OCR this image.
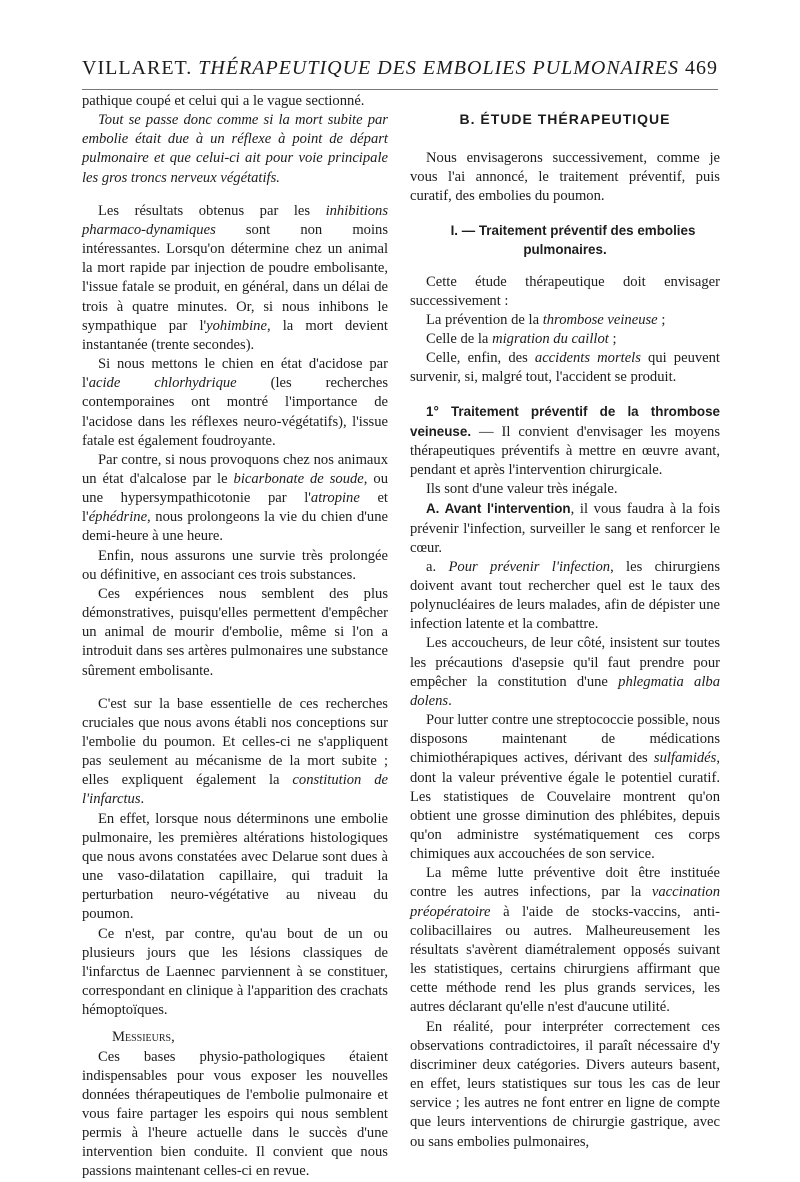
VILLARET. THÉRAPEUTIQUE DES EMBOLIES PULMONAIRES 469

pathique coupé et celui qui a le vague sectionné.

Tout se passe donc comme si la mort subite par embolie était due à un réflexe à point de départ pulmonaire et que celui-ci ait pour voie principale les gros troncs nerveux végétatifs.

Les résultats obtenus par les inhibitions pharmaco-dynamiques sont non moins intéressantes. Lorsqu'on détermine chez un animal la mort rapide par injection de poudre embolisante, l'issue fatale se produit, en général, dans un délai de trois à quatre minutes. Or, si nous inhibons le sympathique par l'yohimbine, la mort devient instantanée (trente secondes).

Si nous mettons le chien en état d'acidose par l'acide chlorhydrique (les recherches contemporaines ont montré l'importance de l'acidose dans les réflexes neuro-végétatifs), l'issue fatale est également foudroyante.

Par contre, si nous provoquons chez nos animaux un état d'alcalose par le bicarbonate de soude, ou une hypersympathicotonie par l'atropine et l'éphédrine, nous prolongeons la vie du chien d'une demi-heure à une heure.

Enfin, nous assurons une survie très prolongée ou définitive, en associant ces trois substances.

Ces expériences nous semblent des plus démonstratives, puisqu'elles permettent d'empêcher un animal de mourir d'embolie, même si l'on a introduit dans ses artères pulmonaires une substance sûrement embolisante.

C'est sur la base essentielle de ces recherches cruciales que nous avons établi nos conceptions sur l'embolie du poumon. Et celles-ci ne s'appliquent pas seulement au mécanisme de la mort subite ; elles expliquent également la constitution de l'infarctus.

En effet, lorsque nous déterminons une embolie pulmonaire, les premières altérations histologiques que nous avons constatées avec Delarue sont dues à une vaso-dilatation capillaire, qui traduit la perturbation neuro-végétative au niveau du poumon.

Ce n'est, par contre, qu'au bout de un ou plusieurs jours que les lésions classiques de l'infarctus de Laennec parviennent à se constituer, correspondant en clinique à l'apparition des crachats hémoptoïques.

Messieurs,

Ces bases physio-pathologiques étaient indispensables pour vous exposer les nouvelles données thérapeutiques de l'embolie pulmonaire et vous faire partager les espoirs qui nous semblent permis à l'heure actuelle dans le succès d'une intervention bien conduite. Il convient que nous passions maintenant celles-ci en revue.

B. ÉTUDE THÉRAPEUTIQUE

Nous envisagerons successivement, comme je vous l'ai annoncé, le traitement préventif, puis curatif, des embolies du poumon.

I. — Traitement préventif des embolies pulmonaires.

Cette étude thérapeutique doit envisager successivement :

La prévention de la thrombose veineuse ;

Celle de la migration du caillot ;

Celle, enfin, des accidents mortels qui peuvent survenir, si, malgré tout, l'accident se produit.

1° Traitement préventif de la thrombose veineuse. — Il convient d'envisager les moyens thérapeutiques préventifs à mettre en œuvre avant, pendant et après l'intervention chirurgicale.

Ils sont d'une valeur très inégale.

A. Avant l'intervention, il vous faudra à la fois prévenir l'infection, surveiller le sang et renforcer le cœur.

a. Pour prévenir l'infection, les chirurgiens doivent avant tout rechercher quel est le taux des polynucléaires de leurs malades, afin de dépister une infection latente et la combattre.

Les accoucheurs, de leur côté, insistent sur toutes les précautions d'asepsie qu'il faut prendre pour empêcher la constitution d'une phlegmatia alba dolens.

Pour lutter contre une streptococcie possible, nous disposons maintenant de médications chimiothérapiques actives, dérivant des sulfamidés, dont la valeur préventive égale le potentiel curatif. Les statistiques de Couvelaire montrent qu'on obtient une grosse diminution des phlébites, depuis qu'on administre systématiquement ces corps chimiques aux accouchées de son service.

La même lutte préventive doit être instituée contre les autres infections, par la vaccination préopératoire à l'aide de stocks-vaccins, anti-colibacillaires ou autres. Malheureusement les résultats s'avèrent diamétralement opposés suivant les statistiques, certains chirurgiens affirmant que cette méthode rend les plus grands services, les autres déclarant qu'elle n'est d'aucune utilité.

En réalité, pour interpréter correctement ces observations contradictoires, il paraît nécessaire d'y discriminer deux catégories. Divers auteurs basent, en effet, leurs statistiques sur tous les cas de leur service ; les autres ne font entrer en ligne de compte que leurs interventions de chirurgie gastrique, avec ou sans embolies pulmonaires,
